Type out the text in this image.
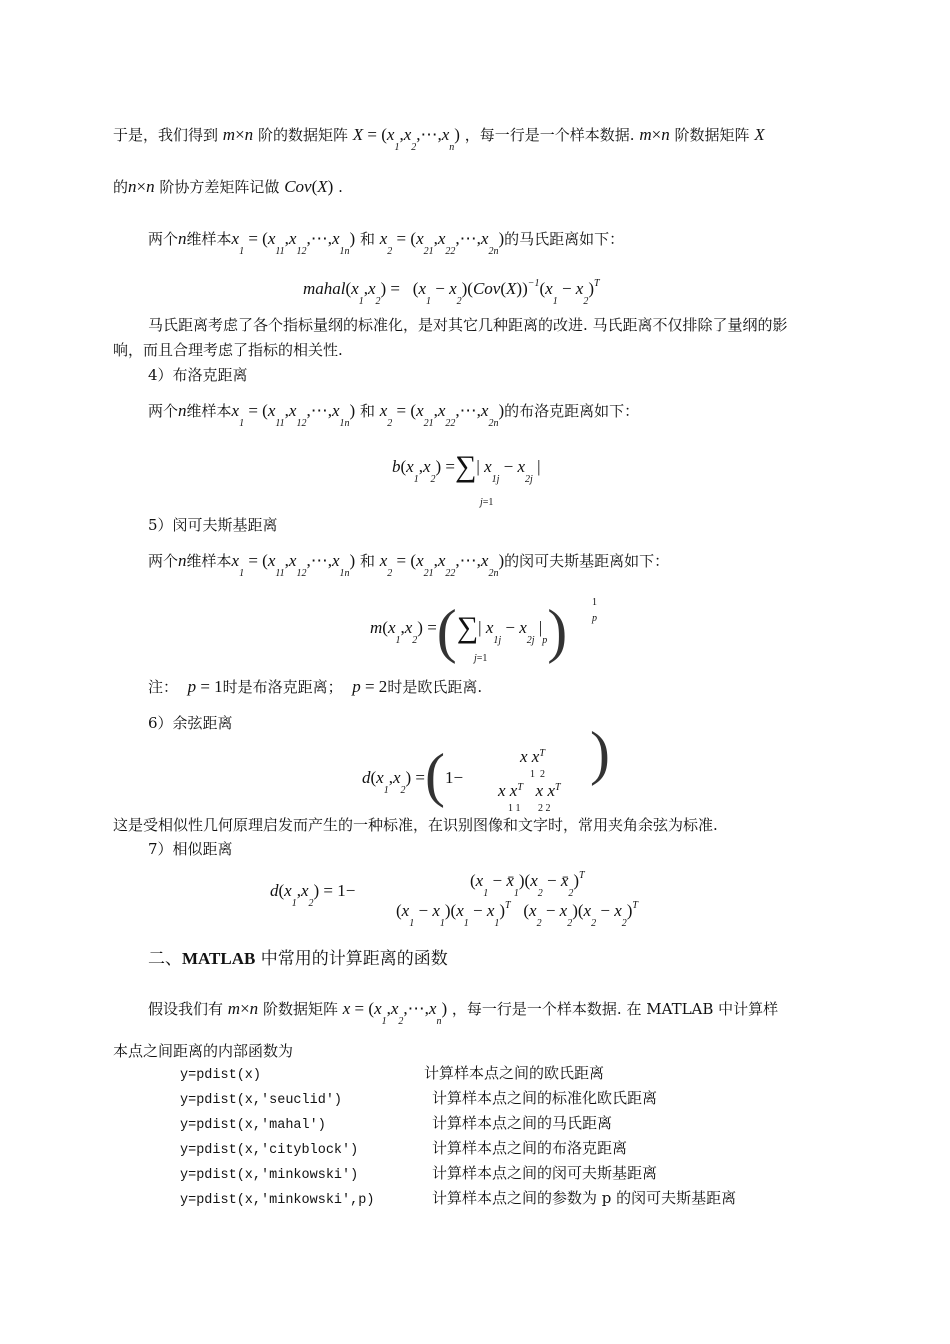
于是，我们得到 m×n 阶的数据矩阵 $X = (x_1,x_2,\cdots,x_n)$ ，每一行是一个样本数据. m×n 阶数据矩阵 X
的n×n 阶协方差矩阵记做 Cov(X) .
两个n维样本$x_1$ = $(x_{11},x_{12},\cdots,x_{1n})$ 和 $x_2$ = $(x_{21},x_{22},\cdots,x_{2n})$的马氏距离如下：
$mahal(x_1,x_2) = (x_1 - x_2)(Cov(X))^{-1}(x_1 - x_2)^T$
马氏距离考虑了各个指标量纲的标准化，是对其它几种距离的改进. 马氏距离不仅排除了量纲的影
响，而且合理考虑了指标的相关性.
4）布洛克距离
两个n维样本$x_1$ = $(x_{11},x_{12},\cdots,x_{1n})$ 和 $x_2$ = $(x_{21},x_{22},\cdots,x_{2n})$的布洛克距离如下：
$b(x_1,x_2)$ =∑| $x_{1j} - x_{2j}$ |
j=1
5）闵可夫斯基距离
两个n维样本$x_1$ = $(x_{11},x_{12},\cdots,x_{1n})$ 和 $x_2$ = $(x_{21},x_{22},\cdots,x_{2n})$的闵可夫斯基距离如下：
$m(x_1,x_2)$ =(∑| $x_{1j} - x_{2j}$ $|_p$)
j=1
1
p
注： p = 1时是布洛克距离； p = 2时是欧氏距离.
6）余弦距离
$d(x_1,x_2) =(1-$
x $x^T$
1  2
x $x^T$   x $x^T$
1 1       2 2
)
这是受相似性几何原理启发而产生的一种标准，在识别图像和文字时，常用夹角余弦为标准.
7）相似距离
$d(x_1,x_2) = 1-$
($x_1$ − $x̄_1)(x_2$ − $x̄_2)^T$
$(x_1 - x_1)(x_1 - x_1)^T$ $(x_2 - x_2)(x_2 - x_2)^T$
二、MATLAB 中常用的计算距离的函数
假设我们有 m×n 阶数据矩阵 $x = (x_1,x_2,\cdots,x_n)$ ，每一行是一个样本数据. 在 MATLAB 中计算样
本点之间距离的内部函数为
y=pdist(x)	计算样本点之间的欧氏距离
y=pdist(x,'seuclid')	计算样本点之间的标准化欧氏距离
y=pdist(x,'mahal')	计算样本点之间的马氏距离
y=pdist(x,'cityblock')	计算样本点之间的布洛克距离
y=pdist(x,'minkowski')	计算样本点之间的闵可夫斯基距离
y=pdist(x,'minkowski',p)	计算样本点之间的参数为 p 的闵可夫斯基距离
